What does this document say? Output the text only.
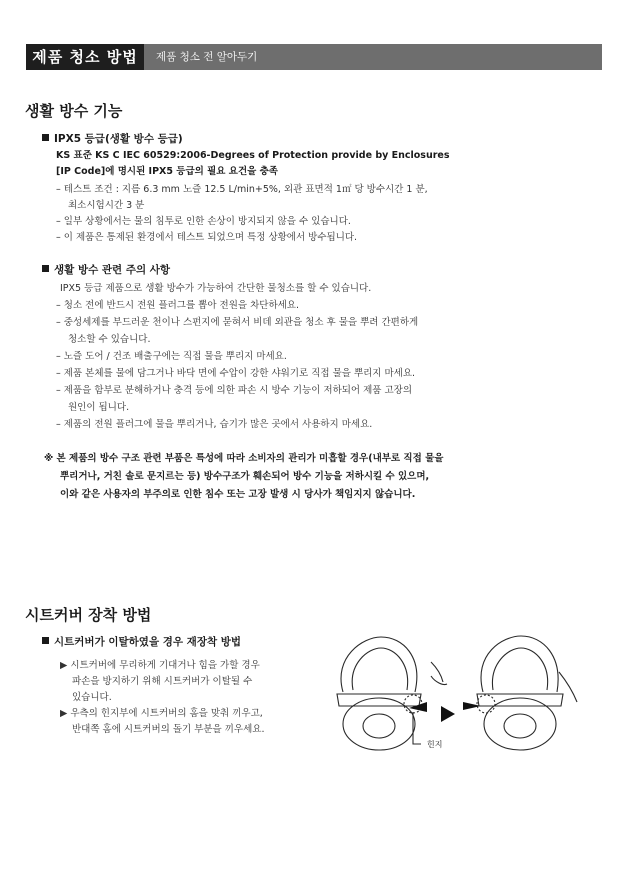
제품 청소 방법	제품 청소 전 알아두기
생활 방수 기능
IPX5 등급(생활 방수 등급)
KS 표준 KS C IEC 60529:2006-Degrees of Protection provide by Enclosures
[IP Code]에 명시된 IPX5 등급의 필요 요건을 충족
– 테스트 조건 : 지름 6.3 mm 노즐 12.5 L/min+5%, 외관 표면적 1㎡ 당 방수시간 1 분,
최소시험시간 3 분
– 일부 상황에서는 물의 침투로 인한 손상이 방지되지 않을 수 있습니다.
– 이 제품은 통제된 환경에서 테스트 되었으며 특정 상황에서 방수됩니다.
생활 방수 관련 주의 사항
IPX5 등급 제품으로 생활 방수가 가능하여 간단한 물청소를 할 수 있습니다.
– 청소 전에 반드시 전원 플러그를 뽑아 전원을 차단하세요.
– 중성세제를 부드러운 천이나 스펀지에 묻혀서 비데 외관을 청소 후 물을 뿌려 간편하게
청소할 수 있습니다.
– 노즐 도어 / 건조 배출구에는 직접 물을 뿌리지 마세요.
– 제품 본체를 물에 담그거나 바닥 면에 수압이 강한 샤워기로 직접 물을 뿌리지 마세요.
– 제품을 함부로 분해하거나 충격 등에 의한 파손 시 방수 기능이 저하되어 제품 고장의
원인이 됩니다.
– 제품의 전원 플러그에 물을 뿌리거나, 습기가 많은 곳에서 사용하지 마세요.
※ 본 제품의 방수 구조 관련 부품은 특성에 따라 소비자의 관리가 미흡할 경우(내부로 직접 물을
뿌리거나, 거친 솔로 문지르는 등) 방수구조가 훼손되어 방수 기능을 저하시킬 수 있으며,
이와 같은 사용자의 부주의로 인한 침수 또는 고장 발생 시 당사가 책임지지 않습니다.
시트커버 장착 방법
시트커버가 이탈하였을 경우 재장착 방법
▶ 시트커버에 무리하게 기대거나 힘을 가할 경우
파손을 방지하기 위해 시트커버가 이탈될 수
있습니다.
▶ 우측의 힌지부에 시트커버의 홈을 맞춰 끼우고,
반대쪽 홈에 시트커버의 돌기 부분을 끼우세요.
힌지
